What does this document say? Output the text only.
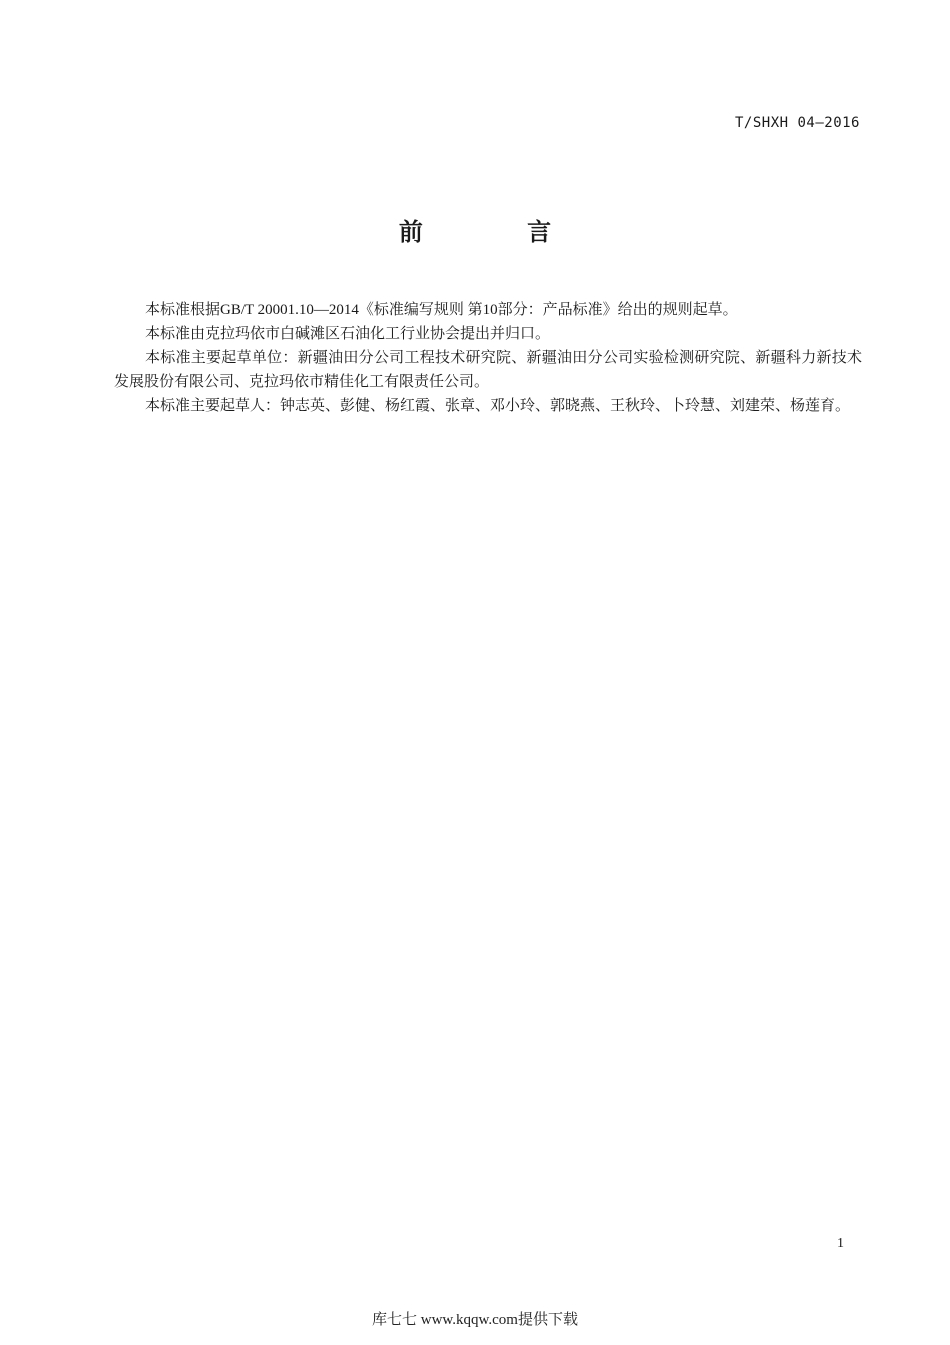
T/SHXH 04—2016
前 言

本标准根据GB/T 20001.10—2014《标准编写规则 第10部分：产品标准》给出的规则起草。

本标准由克拉玛依市白碱滩区石油化工行业协会提出并归口。

本标准主要起草单位：新疆油田分公司工程技术研究院、新疆油田分公司实验检测研究院、新疆科力新技术发展股份有限公司、克拉玛依市精佳化工有限责任公司。

本标准主要起草人：钟志英、彭健、杨红霞、张章、邓小玲、郭晓燕、王秋玲、卜玲慧、刘建荣、杨莲育。

1
库七七 www.kqqw.com提供下载
